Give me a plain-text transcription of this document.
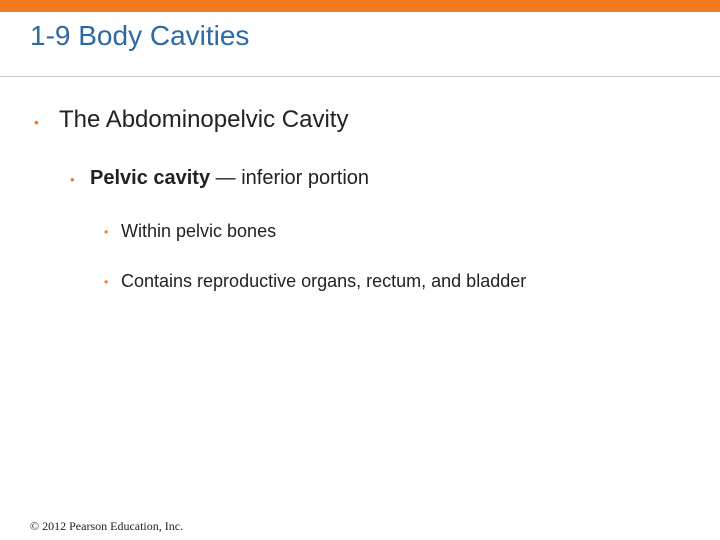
1-9 Body Cavities
• The Abdominopelvic Cavity
• Pelvic cavity — inferior portion
• Within pelvic bones
• Contains reproductive organs, rectum, and bladder
© 2012 Pearson Education, Inc.
